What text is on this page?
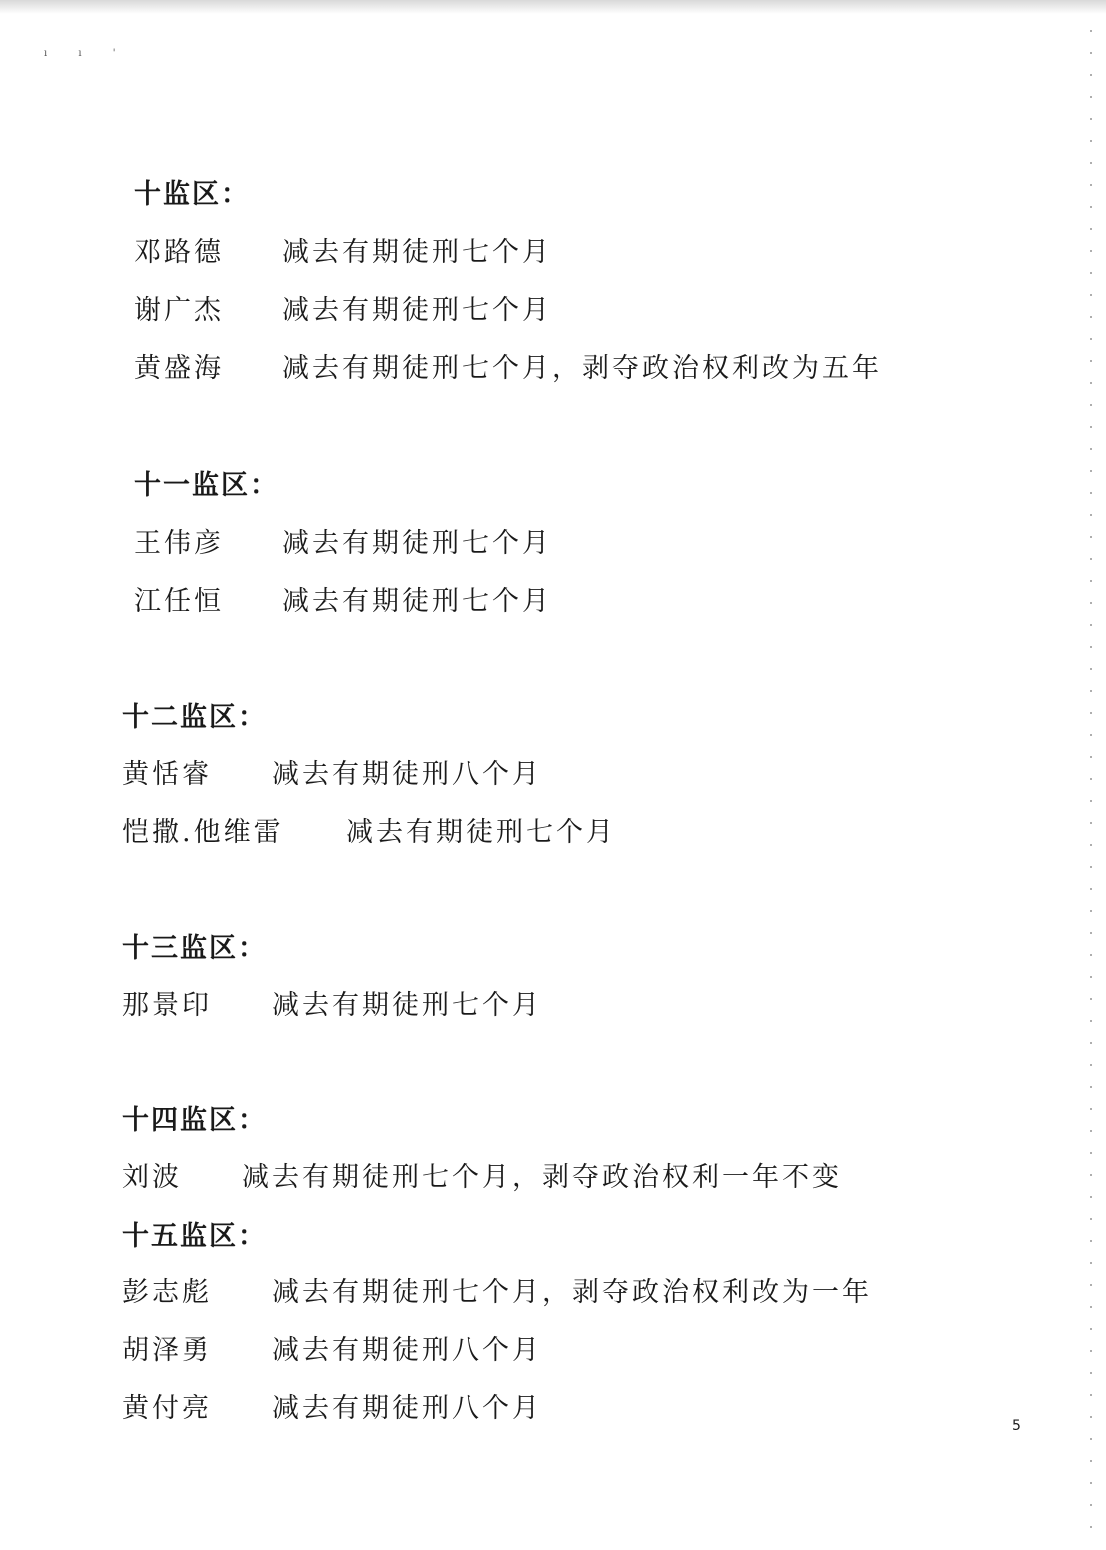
ı ı '
十监区：
邓路德 减去有期徒刑七个月
谢广杰 减去有期徒刑七个月
黄盛海 减去有期徒刑七个月，剥夺政治权利改为五年
十一监区：
王伟彦 减去有期徒刑七个月
江任恒 减去有期徒刑七个月
十二监区：
黄恬睿 减去有期徒刑八个月
恺撒.他维雷 减去有期徒刑七个月
十三监区：
那景印 减去有期徒刑七个月
十四监区：
刘波 减去有期徒刑七个月，剥夺政治权利一年不变
十五监区：
彭志彪 减去有期徒刑七个月，剥夺政治权利改为一年
胡泽勇 减去有期徒刑八个月
黄付亮 减去有期徒刑八个月
5
